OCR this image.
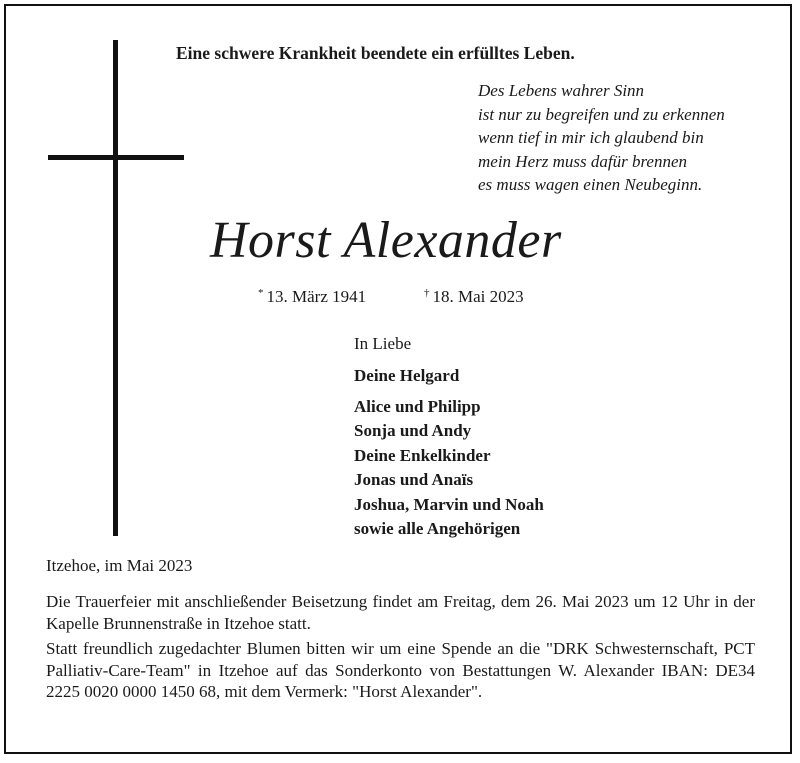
Eine schwere Krankheit beendete ein erfülltes Leben.
Des Lebens wahrer Sinn
ist nur zu begreifen und zu erkennen
wenn tief in mir ich glaubend bin
mein Herz muss dafür brennen
es muss wagen einen Neubeginn.
Horst Alexander
* 13. März 1941	† 18. Mai 2023
In Liebe
Deine Helgard
Alice und Philipp
Sonja und Andy
Deine Enkelkinder
Jonas und Anaïs
Joshua, Marvin und Noah
sowie alle Angehörigen
Itzehoe, im Mai 2023
Die Trauerfeier mit anschließender Beisetzung findet am Freitag, dem 26. Mai 2023 um 12 Uhr in der Kapelle Brunnenstraße in Itzehoe statt.
Statt freundlich zugedachter Blumen bitten wir um eine Spende an die "DRK Schwesternschaft, PCT Palliativ-Care-Team" in Itzehoe auf das Sonderkonto von Bestattungen W. Alexander IBAN: DE34 2225 0020 0000 1450 68, mit dem Vermerk: "Horst Alexander".
